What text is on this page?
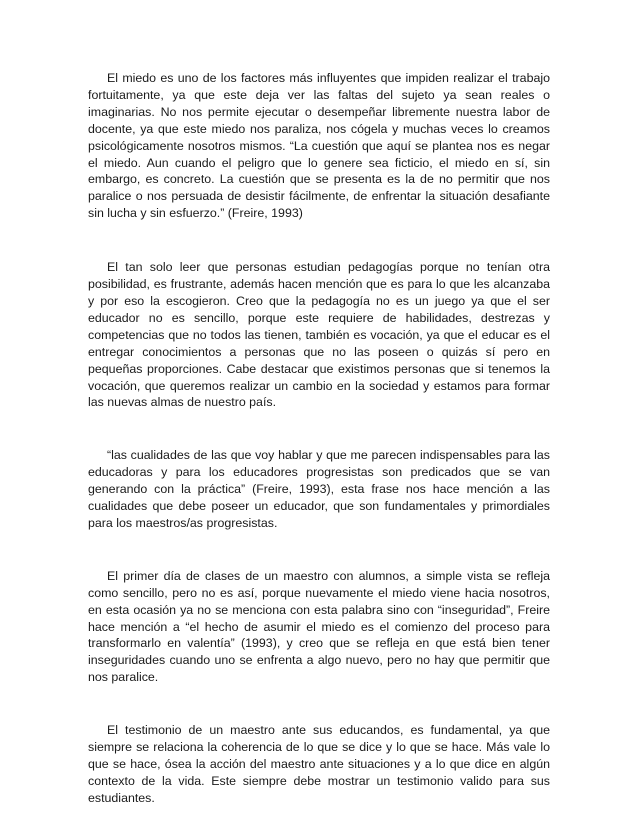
El miedo es uno de los factores más influyentes que impiden realizar el trabajo fortuitamente, ya que este deja ver las faltas del sujeto ya sean reales o imaginarias. No nos permite ejecutar o desempeñar libremente nuestra labor de docente, ya que este miedo nos paraliza, nos cógela y muchas veces lo creamos psicológicamente nosotros mismos. “La cuestión que aquí se plantea nos es negar el miedo. Aun cuando el peligro que lo genere sea ficticio, el miedo en sí, sin embargo, es concreto. La cuestión que se presenta es la de no permitir que nos paralice o nos persuada de desistir fácilmente, de enfrentar la situación desafiante sin lucha y sin esfuerzo.” (Freire, 1993)

El tan solo leer que personas estudian pedagogías porque no tenían otra posibilidad, es frustrante, además hacen mención que es para lo que les alcanzaba y por eso la escogieron. Creo que la pedagogía no es un juego ya que el ser educador no es sencillo, porque este requiere de habilidades, destrezas y competencias que no todos las tienen, también es vocación, ya que el educar es el entregar conocimientos a personas que no las poseen o quizás sí pero en pequeñas proporciones. Cabe destacar que existimos personas que si tenemos la vocación, que queremos realizar un cambio en la sociedad y estamos para formar las nuevas almas de nuestro país.

“las cualidades de las que voy hablar y que me parecen indispensables para las educadoras y para los educadores progresistas son predicados que se van generando con la práctica” (Freire, 1993), esta frase nos hace mención a las cualidades que debe poseer un educador, que son fundamentales y primordiales para los maestros/as progresistas.

El primer día de clases de un maestro con alumnos, a simple vista se refleja como sencillo, pero no es así, porque nuevamente el miedo viene hacia nosotros, en esta ocasión ya no se menciona con esta palabra sino con “inseguridad”, Freire hace mención a “el hecho de asumir el miedo es el comienzo del proceso para transformarlo en valentía” (1993), y creo que se refleja en que está bien tener inseguridades cuando uno se enfrenta a algo nuevo, pero no hay que permitir que nos paralice.

El testimonio de un maestro ante sus educandos, es fundamental, ya que siempre se relaciona la coherencia de lo que se dice y lo que se hace. Más vale lo que se hace, ósea la acción del maestro ante situaciones y a lo que dice en algún contexto de la vida. Este siempre debe mostrar un testimonio valido para sus estudiantes.
